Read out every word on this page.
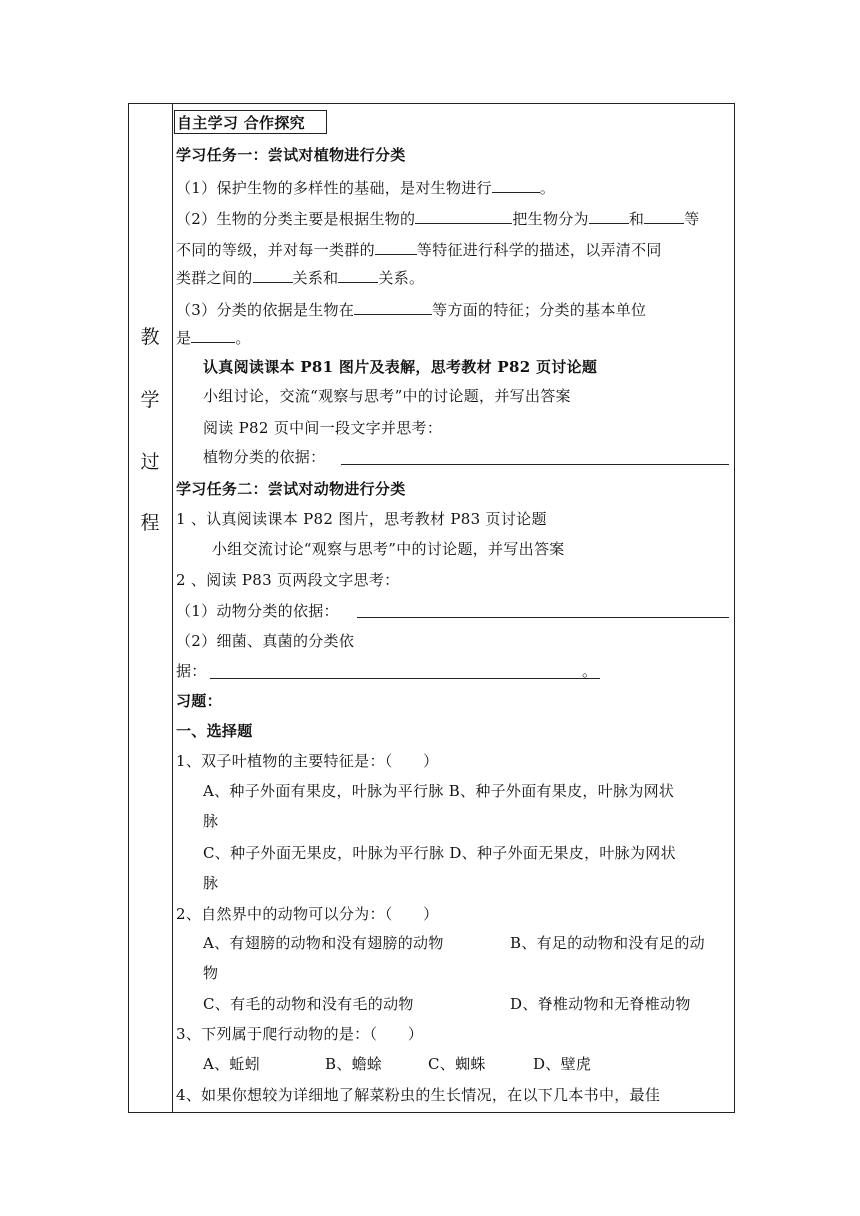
教
学
过
程
自主学习 合作探究
学习任务一：尝试对植物进行分类
（1）保护生物的多样性的基础，是对生物进行	。
（2）生物的分类主要是根据生物的	把生物分为	和	等
不同的等级，并对每一类群的	等特征进行科学的描述，以弄清不同
类群之间的	关系和	关系。
（3）分类的依据是生物在	等方面的特征；分类的基本单位
是	。
认真阅读课本 P81 图片及表解，思考教材 P82 页讨论题
小组讨论，交流“观察与思考”中的讨论题，并写出答案
阅读 P82 页中间一段文字并思考：
植物分类的依据：
学习任务二：尝试对动物进行分类
1 、认真阅读课本 P82 图片，思考教材 P83 页讨论题
小组交流讨论“观察与思考”中的讨论题，并写出答案
2 、阅读 P83 页两段文字思考：
（1）动物分类的依据：
（2）细菌、真菌的分类依
据：	。
习题：
一、选择题
1、双子叶植物的主要特征是：（　　）
A、种子外面有果皮，叶脉为平行脉 B、种子外面有果皮，叶脉为网状
脉
C、种子外面无果皮，叶脉为平行脉 D、种子外面无果皮，叶脉为网状
脉
2、自然界中的动物可以分为：（　　）
A、有翅膀的动物和没有翅膀的动物	B、有足的动物和没有足的动
物
C、有毛的动物和没有毛的动物	D、脊椎动物和无脊椎动物
3、下列属于爬行动物的是：（　　）
A、蚯蚓	B、蟾蜍	C、蜘蛛	D、壁虎
4、如果你想较为详细地了解菜粉虫的生长情况，在以下几本书中，最佳
